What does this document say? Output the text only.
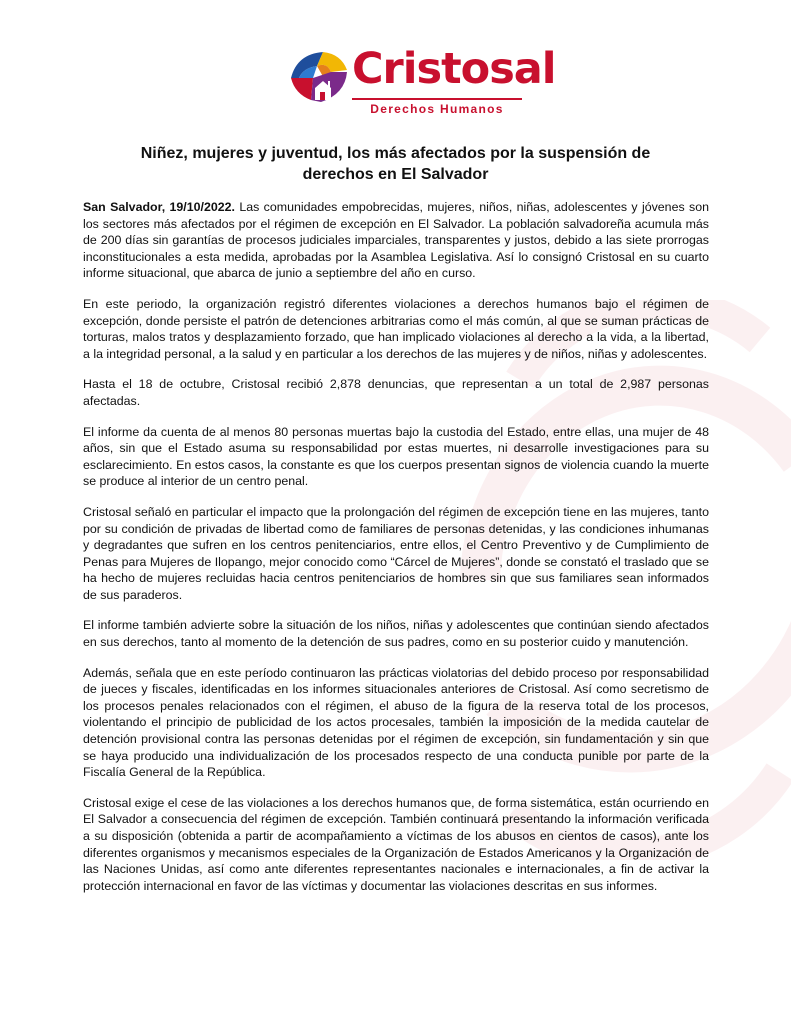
Cristosal
Derechos Humanos
Niñez, mujeres y juventud, los más afectados por la suspensión de
derechos en El Salvador

San Salvador, 19/10/2022. Las comunidades empobrecidas, mujeres, niños, niñas, adolescentes y jóvenes son los sectores más afectados por el régimen de excepción en El Salvador. La población salvadoreña acumula más de 200 días sin garantías de procesos judiciales imparciales, transparentes y justos, debido a las siete prorrogas inconstitucionales a esta medida, aprobadas por la Asamblea Legislativa. Así lo consignó Cristosal en su cuarto informe situacional, que abarca de junio a septiembre del año en curso.

En este periodo, la organización registró diferentes violaciones a derechos humanos bajo el régimen de excepción, donde persiste el patrón de detenciones arbitrarias como el más común, al que se suman prácticas de torturas, malos tratos y desplazamiento forzado, que han implicado violaciones al derecho a la vida, a la libertad, a la integridad personal, a la salud y en particular a los derechos de las mujeres y de niños, niñas y adolescentes.

Hasta el 18 de octubre, Cristosal recibió 2,878 denuncias, que representan a un total de 2,987 personas afectadas.

El informe da cuenta de al menos 80 personas muertas bajo la custodia del Estado, entre ellas, una mujer de 48 años, sin que el Estado asuma su responsabilidad por estas muertes, ni desarrolle investigaciones para su esclarecimiento. En estos casos, la constante es que los cuerpos presentan signos de violencia cuando la muerte se produce al interior de un centro penal.

Cristosal señaló en particular el impacto que la prolongación del régimen de excepción tiene en las mujeres, tanto por su condición de privadas de libertad como de familiares de personas detenidas, y las condiciones inhumanas y degradantes que sufren en los centros penitenciarios, entre ellos, el Centro Preventivo y de Cumplimiento de Penas para Mujeres de Ilopango, mejor conocido como “Cárcel de Mujeres”, donde se constató el traslado que se ha hecho de mujeres recluidas hacia centros penitenciarios de hombres sin que sus familiares sean informados de sus paraderos.

El informe también advierte sobre la situación de los niños, niñas y adolescentes que continúan siendo afectados en sus derechos, tanto al momento de la detención de sus padres, como en su posterior cuido y manutención.

Además, señala que en este período continuaron las prácticas violatorias del debido proceso por responsabilidad de jueces y fiscales, identificadas en los informes situacionales anteriores de Cristosal. Así como secretismo de los procesos penales relacionados con el régimen, el abuso de la figura de la reserva total de los procesos, violentando el principio de publicidad de los actos procesales, también la imposición de la medida cautelar de detención provisional contra las personas detenidas por el régimen de excepción, sin fundamentación y sin que se haya producido una individualización de los procesados respecto de una conducta punible por parte de la Fiscalía General de la República.

Cristosal exige el cese de las violaciones a los derechos humanos que, de forma sistemática, están ocurriendo en El Salvador a consecuencia del régimen de excepción. También continuará presentando la información verificada a su disposición (obtenida a partir de acompañamiento a víctimas de los abusos en cientos de casos), ante los diferentes organismos y mecanismos especiales de la Organización de Estados Americanos y la Organización de las Naciones Unidas, así como ante diferentes representantes nacionales e internacionales, a fin de activar la protección internacional en favor de las víctimas y documentar las violaciones descritas en sus informes.
